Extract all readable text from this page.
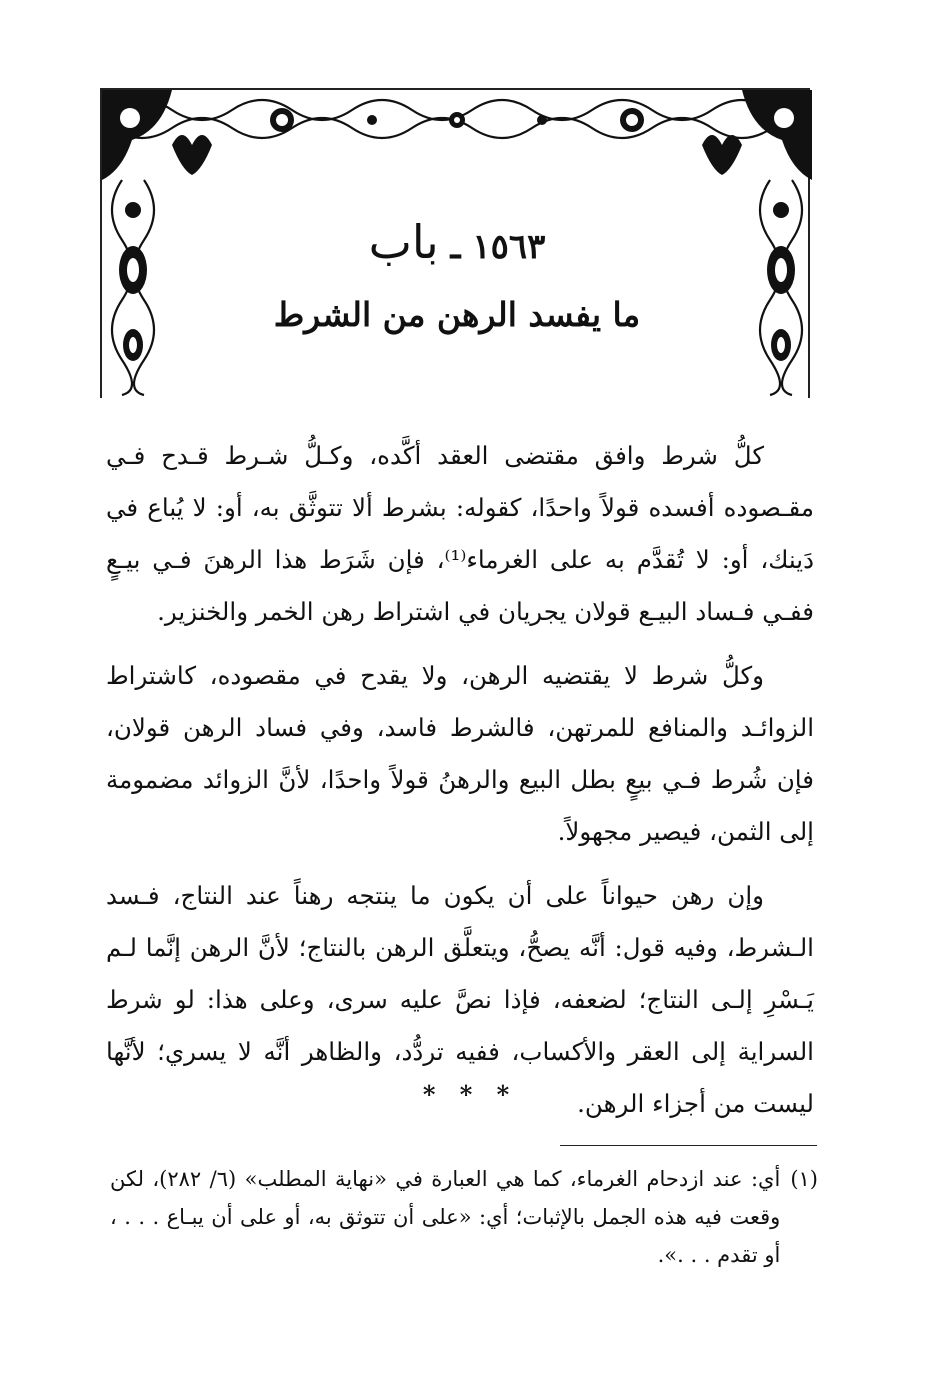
١٥٦٣ ـ باب
ما يفسد الرهن من الشرط

كلُّ شرط وافق مقتضى العقد أكَّده، وكـلُّ شـرط قـدح فـي مقـصوده أفسده قولاً واحدًا، كقوله: بشرط ألا تتوثَّق به، أو: لا يُباع في دَينك، أو: لا تُقدَّم به على الغرماء⁽¹⁾، فإن شَرَط هذا الرهنَ فـي بيـعٍ ففـي فـساد البيـع قولان يجريان في اشتراط رهن الخمر والخنزير.

وكلُّ شرط لا يقتضيه الرهن، ولا يقدح في مقصوده، كاشتراط الزوائـد والمنافع للمرتهن، فالشرط فاسد، وفي فساد الرهن قولان، فإن شُرط فـي بيعٍ بطل البيع والرهنُ قولاً واحدًا، لأنَّ الزوائد مضمومة إلى الثمن، فيصير مجهولاً.

وإن رهن حيواناً على أن يكون ما ينتجه رهناً عند النتاج، فـسد الـشرط، وفيه قول: أنَّه يصحُّ، ويتعلَّق الرهن بالنتاج؛ لأنَّ الرهن إنَّما لـم يَـسْرِ إلـى النتاج؛ لضعفه، فإذا نصَّ عليه سرى، وعلى هذا: لو شرط السراية إلى العقر والأكساب، ففيه تردُّد، والظاهر أنَّه لا يسري؛ لأنَّها ليست من أجزاء الرهن.

* * *
(١)
أي: عند ازدحام الغرماء، كما هي العبارة في «نهاية المطلب» (٦/ ٢٨٢)، لكن وقعت فيه هذه الجمل بالإثبات؛ أي: «على أن تتوثق به، أو على أن يبـاع . . . ، أو تقدم . . .».
